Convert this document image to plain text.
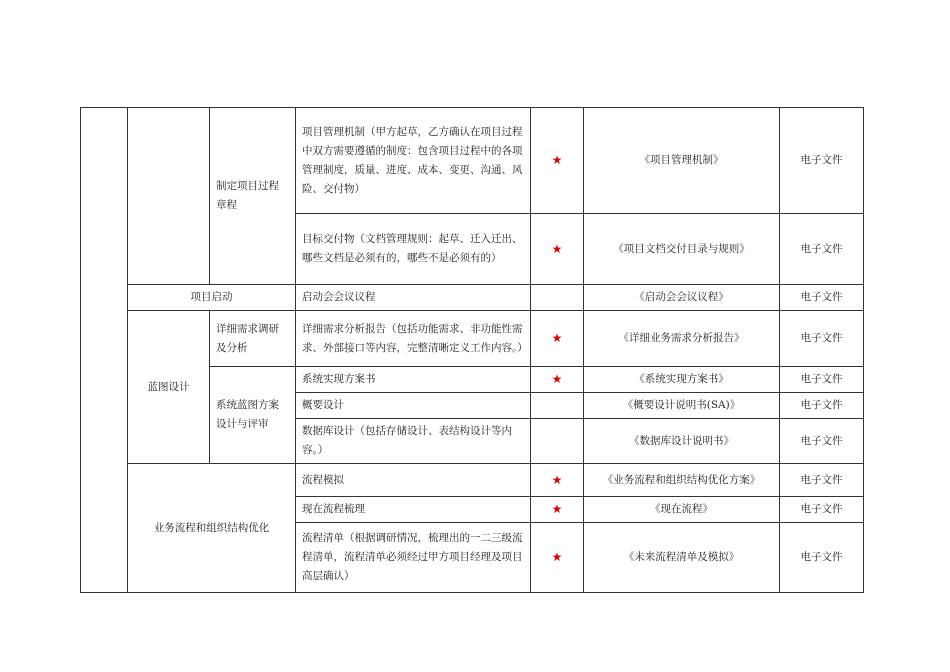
		制定项目过程章程	项目管理机制（甲方起草，乙方确认在项目过程中双方需要遵循的制度：包含项目过程中的各项管理制度，质量、进度、成本、变更、沟通、风险、交付物）	★	《项目管理机制》	电子文件
			目标交付物（文档管理规则：起草、迁入迁出、哪些文档是必须有的，哪些不是必须有的）	★	《项目文档交付目录与规则》	电子文件
	项目启动		启动会会议议程		《启动会会议议程》	电子文件
	蓝图设计	详细需求调研及分析	详细需求分析报告（包括功能需求、非功能性需求、外部接口等内容，完整清晰定义工作内容。）	★	《详细业务需求分析报告》	电子文件
		系统蓝图方案设计与评审	系统实现方案书	★	《系统实现方案书》	电子文件
			概要设计		《概要设计说明书(SA)》	电子文件
			数据库设计（包括存储设计、表结构设计等内容。）		《数据库设计说明书》	电子文件
	业务流程和组织结构优化		流程模拟	★	《业务流程和组织结构优化方案》	电子文件
			现在流程梳理	★	《现在流程》	电子文件
			流程清单（根据调研情况，梳理出的一二三级流程清单，流程清单必须经过甲方项目经理及项目高层确认）	★	《未来流程清单及模拟》	电子文件
